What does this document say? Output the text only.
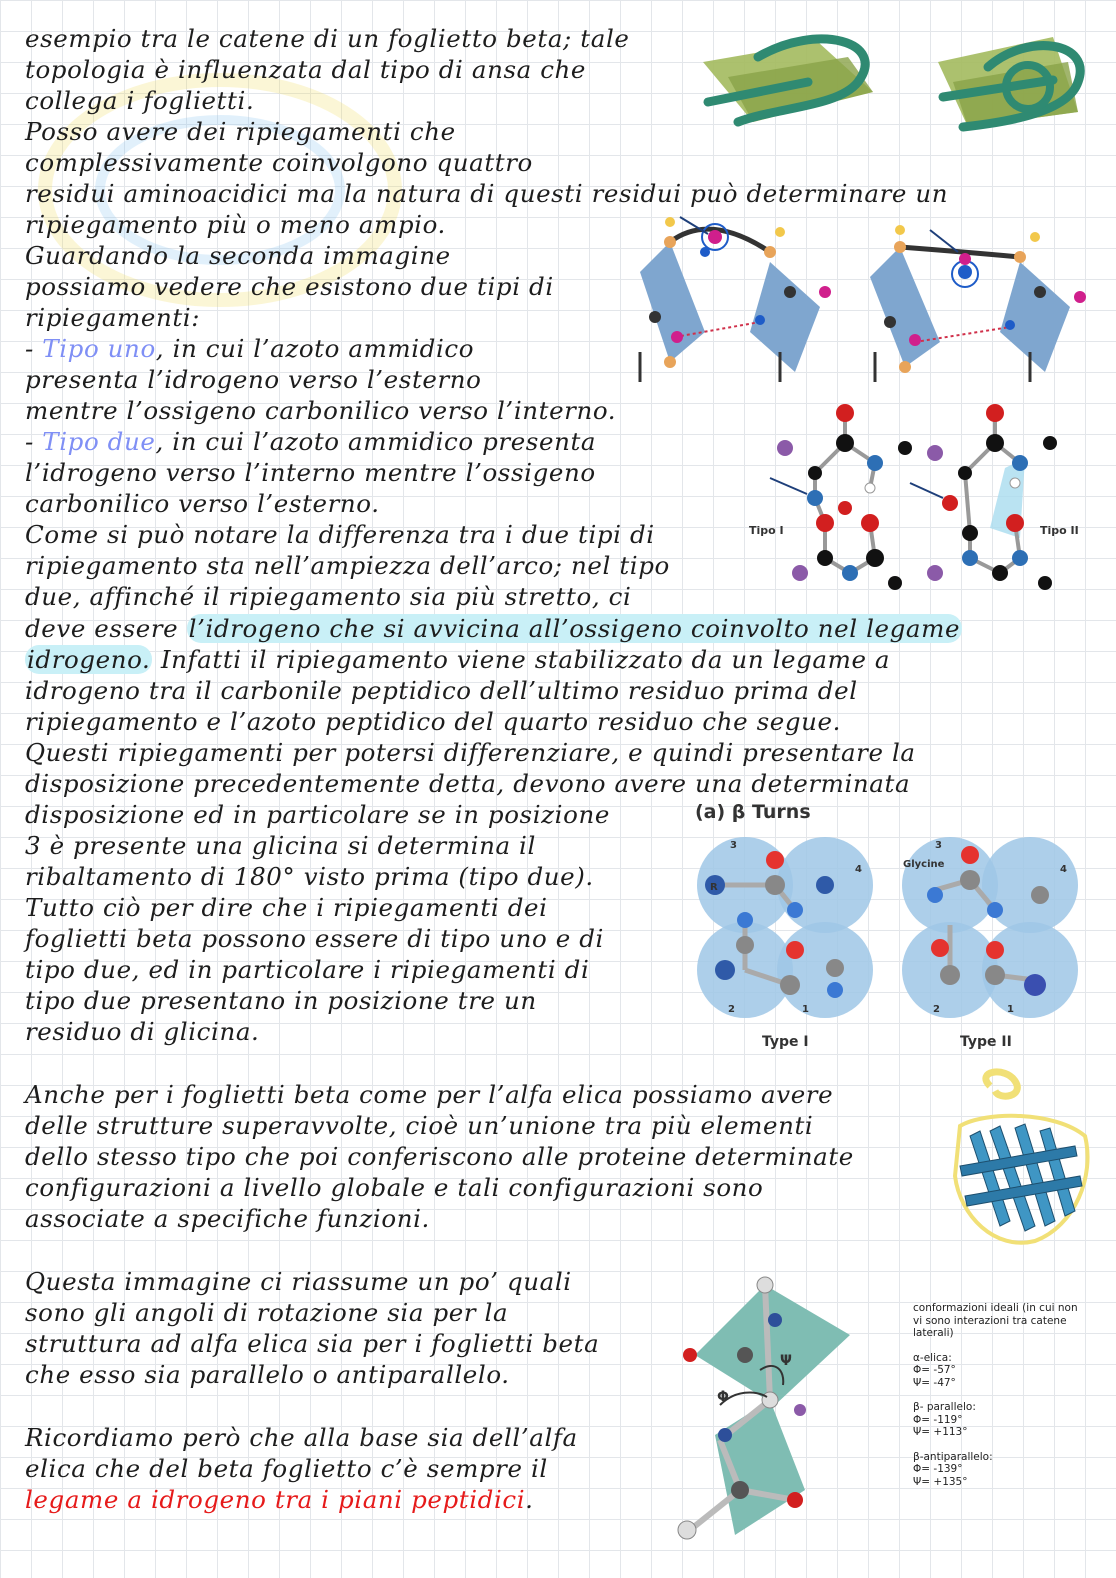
esempio tra le catene di un foglietto beta; tale
topologia è influenzata dal tipo di ansa che
collega i foglietti.
Posso avere dei ripiegamenti che
complessivamente coinvolgono quattro
residui aminoacidici ma la natura di questi residui può determinare un
ripiegamento più o meno ampio.
Guardando la seconda immagine
possiamo vedere che esistono due tipi di
ripiegamenti:
- Tipo uno, in cui l’azoto ammidico
presenta l’idrogeno verso l’esterno
mentre l’ossigeno carbonilico verso l’interno.
- Tipo due, in cui l’azoto ammidico presenta
l’idrogeno verso l’interno mentre l’ossigeno
carbonilico verso l’esterno.
Come si può notare la differenza tra i due tipi di
ripiegamento sta nell’ampiezza dell’arco; nel tipo
due, affinché il ripiegamento sia più stretto, ci
deve essere l’idrogeno che si avvicina all’ossigeno coinvolto nel legame
idrogeno. Infatti il ripiegamento viene stabilizzato da un legame a
idrogeno tra il carbonile peptidico dell’ultimo residuo prima del
ripiegamento e l’azoto peptidico del quarto residuo che segue.
Questi ripiegamenti per potersi differenziare, e quindi presentare la
disposizione precedentemente detta, devono avere una determinata
disposizione ed in particolare se in posizione
3 è presente una glicina si determina il
ribaltamento di 180° visto prima (tipo due).
Tutto ciò per dire che i ripiegamenti dei
foglietti beta possono essere di tipo uno e di
tipo due, ed in particolare i ripiegamenti di
tipo due presentano in posizione tre un
residuo di glicina.
Anche per i foglietti beta come per l’alfa elica possiamo avere
delle strutture superavvolte, cioè un’unione tra più elementi
dello stesso tipo che poi conferiscono alle proteine determinate
configurazioni a livello globale e tali configurazioni sono
associate a specifiche funzioni.
Questa immagine ci riassume un po’ quali
sono gli angoli di rotazione sia per la
struttura ad alfa elica sia per i foglietti beta
che esso sia parallelo o antiparallelo.
Ricordiamo però che alla base sia dell’alfa
elica che del beta foglietto c’è sempre il
legame a idrogeno tra i piani peptidici.
Tipo I	Tipo II
(a) β Turns
R
3
4
2	1
Type I
3
Glycine	4
2	1
Type II
Φ
Ψ
conformazioni ideali (in cui non
vi sono interazioni tra catene
laterali)
α-elica:
Φ= -57°
Ψ= -47°
β- parallelo:
Φ= -119°
Ψ= +113°
β-antiparallelo:
Φ= -139°
Ψ= +135°
